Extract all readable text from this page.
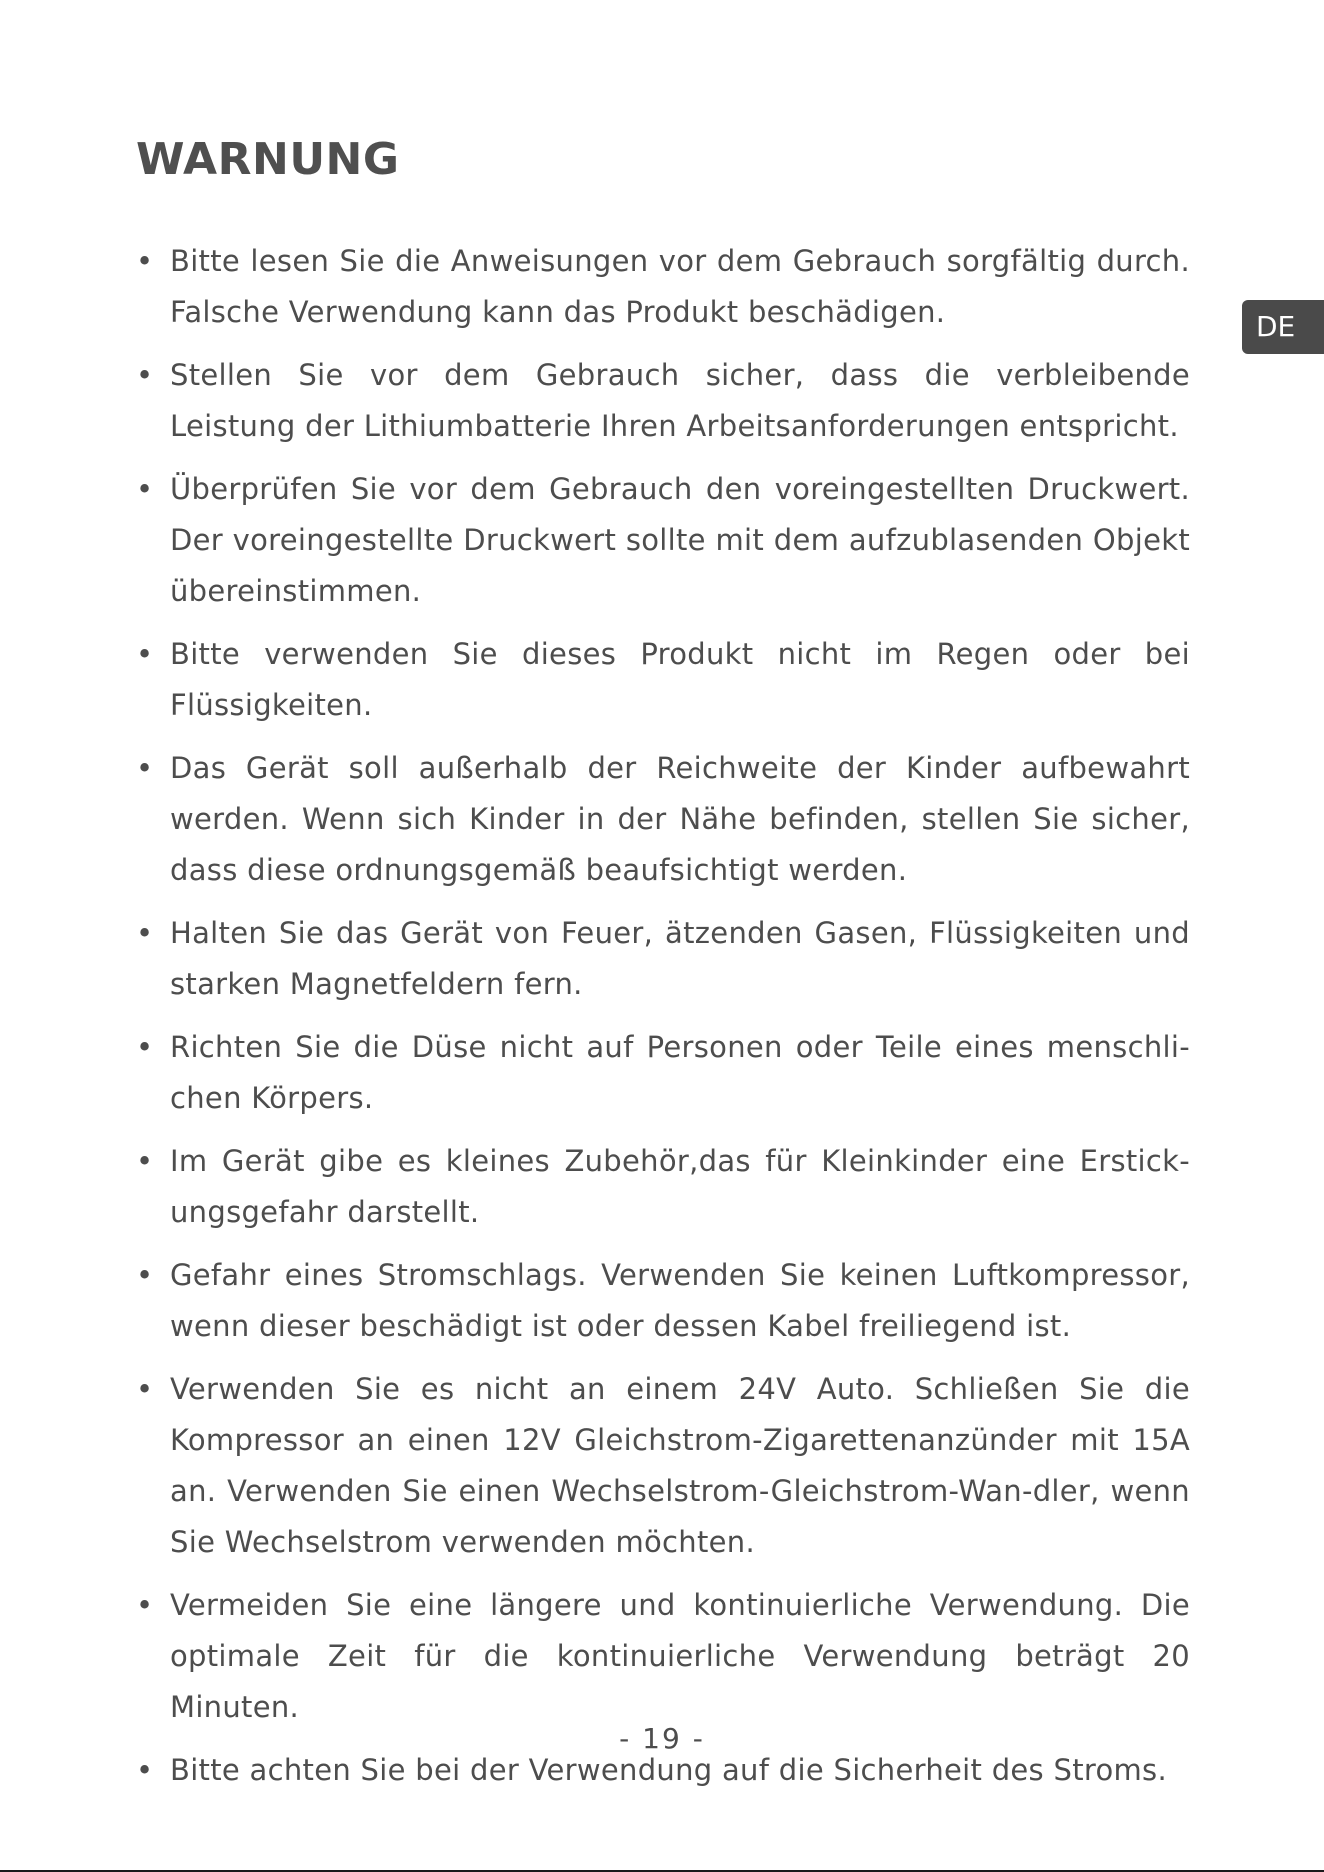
WARNUNG
DE
• Bitte lesen Sie die Anweisungen vor dem Gebrauch sorgfältig durch. Falsche Verwendung kann das Produkt beschädigen.
• Stellen Sie vor dem Gebrauch sicher, dass die verbleibende Leistung der Lithiumbatterie Ihren Arbeitsanforderungen entspricht.
• Überprüfen Sie vor dem Gebrauch den voreingestellten Druckwert. Der voreingestellte Druckwert sollte mit dem aufzublasenden Objekt übereinstimmen.
• Bitte verwenden Sie dieses Produkt nicht im Regen oder bei Flüssigkeiten.
• Das Gerät soll außerhalb der Reichweite der Kinder aufbewahrt werden. Wenn sich Kinder in der Nähe befinden, stellen Sie sicher, dass diese ordnungsgemäß beaufsichtigt werden.
• Halten Sie das Gerät von Feuer, ätzenden Gasen, Flüssigkeiten und starken Magnetfeldern fern.
• Richten Sie die Düse nicht auf Personen oder Teile eines menschli-chen Körpers.
• Im Gerät gibe es kleines Zubehör,das für Kleinkinder eine Erstick-ungsgefahr darstellt.
• Gefahr eines Stromschlags. Verwenden Sie keinen Luftkompressor, wenn dieser beschädigt ist oder dessen Kabel freiliegend ist.
• Verwenden Sie es nicht an einem 24V Auto. Schließen Sie die Kompressor an einen 12V Gleichstrom-Zigarettenanzünder mit 15A an. Verwenden Sie einen Wechselstrom-Gleichstrom-Wan-dler, wenn Sie Wechselstrom verwenden möchten.
• Vermeiden Sie eine längere und kontinuierliche Verwendung. Die optimale Zeit für die kontinuierliche Verwendung beträgt 20 Minuten.
• Bitte achten Sie bei der Verwendung auf die Sicherheit des Stroms.
- 19 -
